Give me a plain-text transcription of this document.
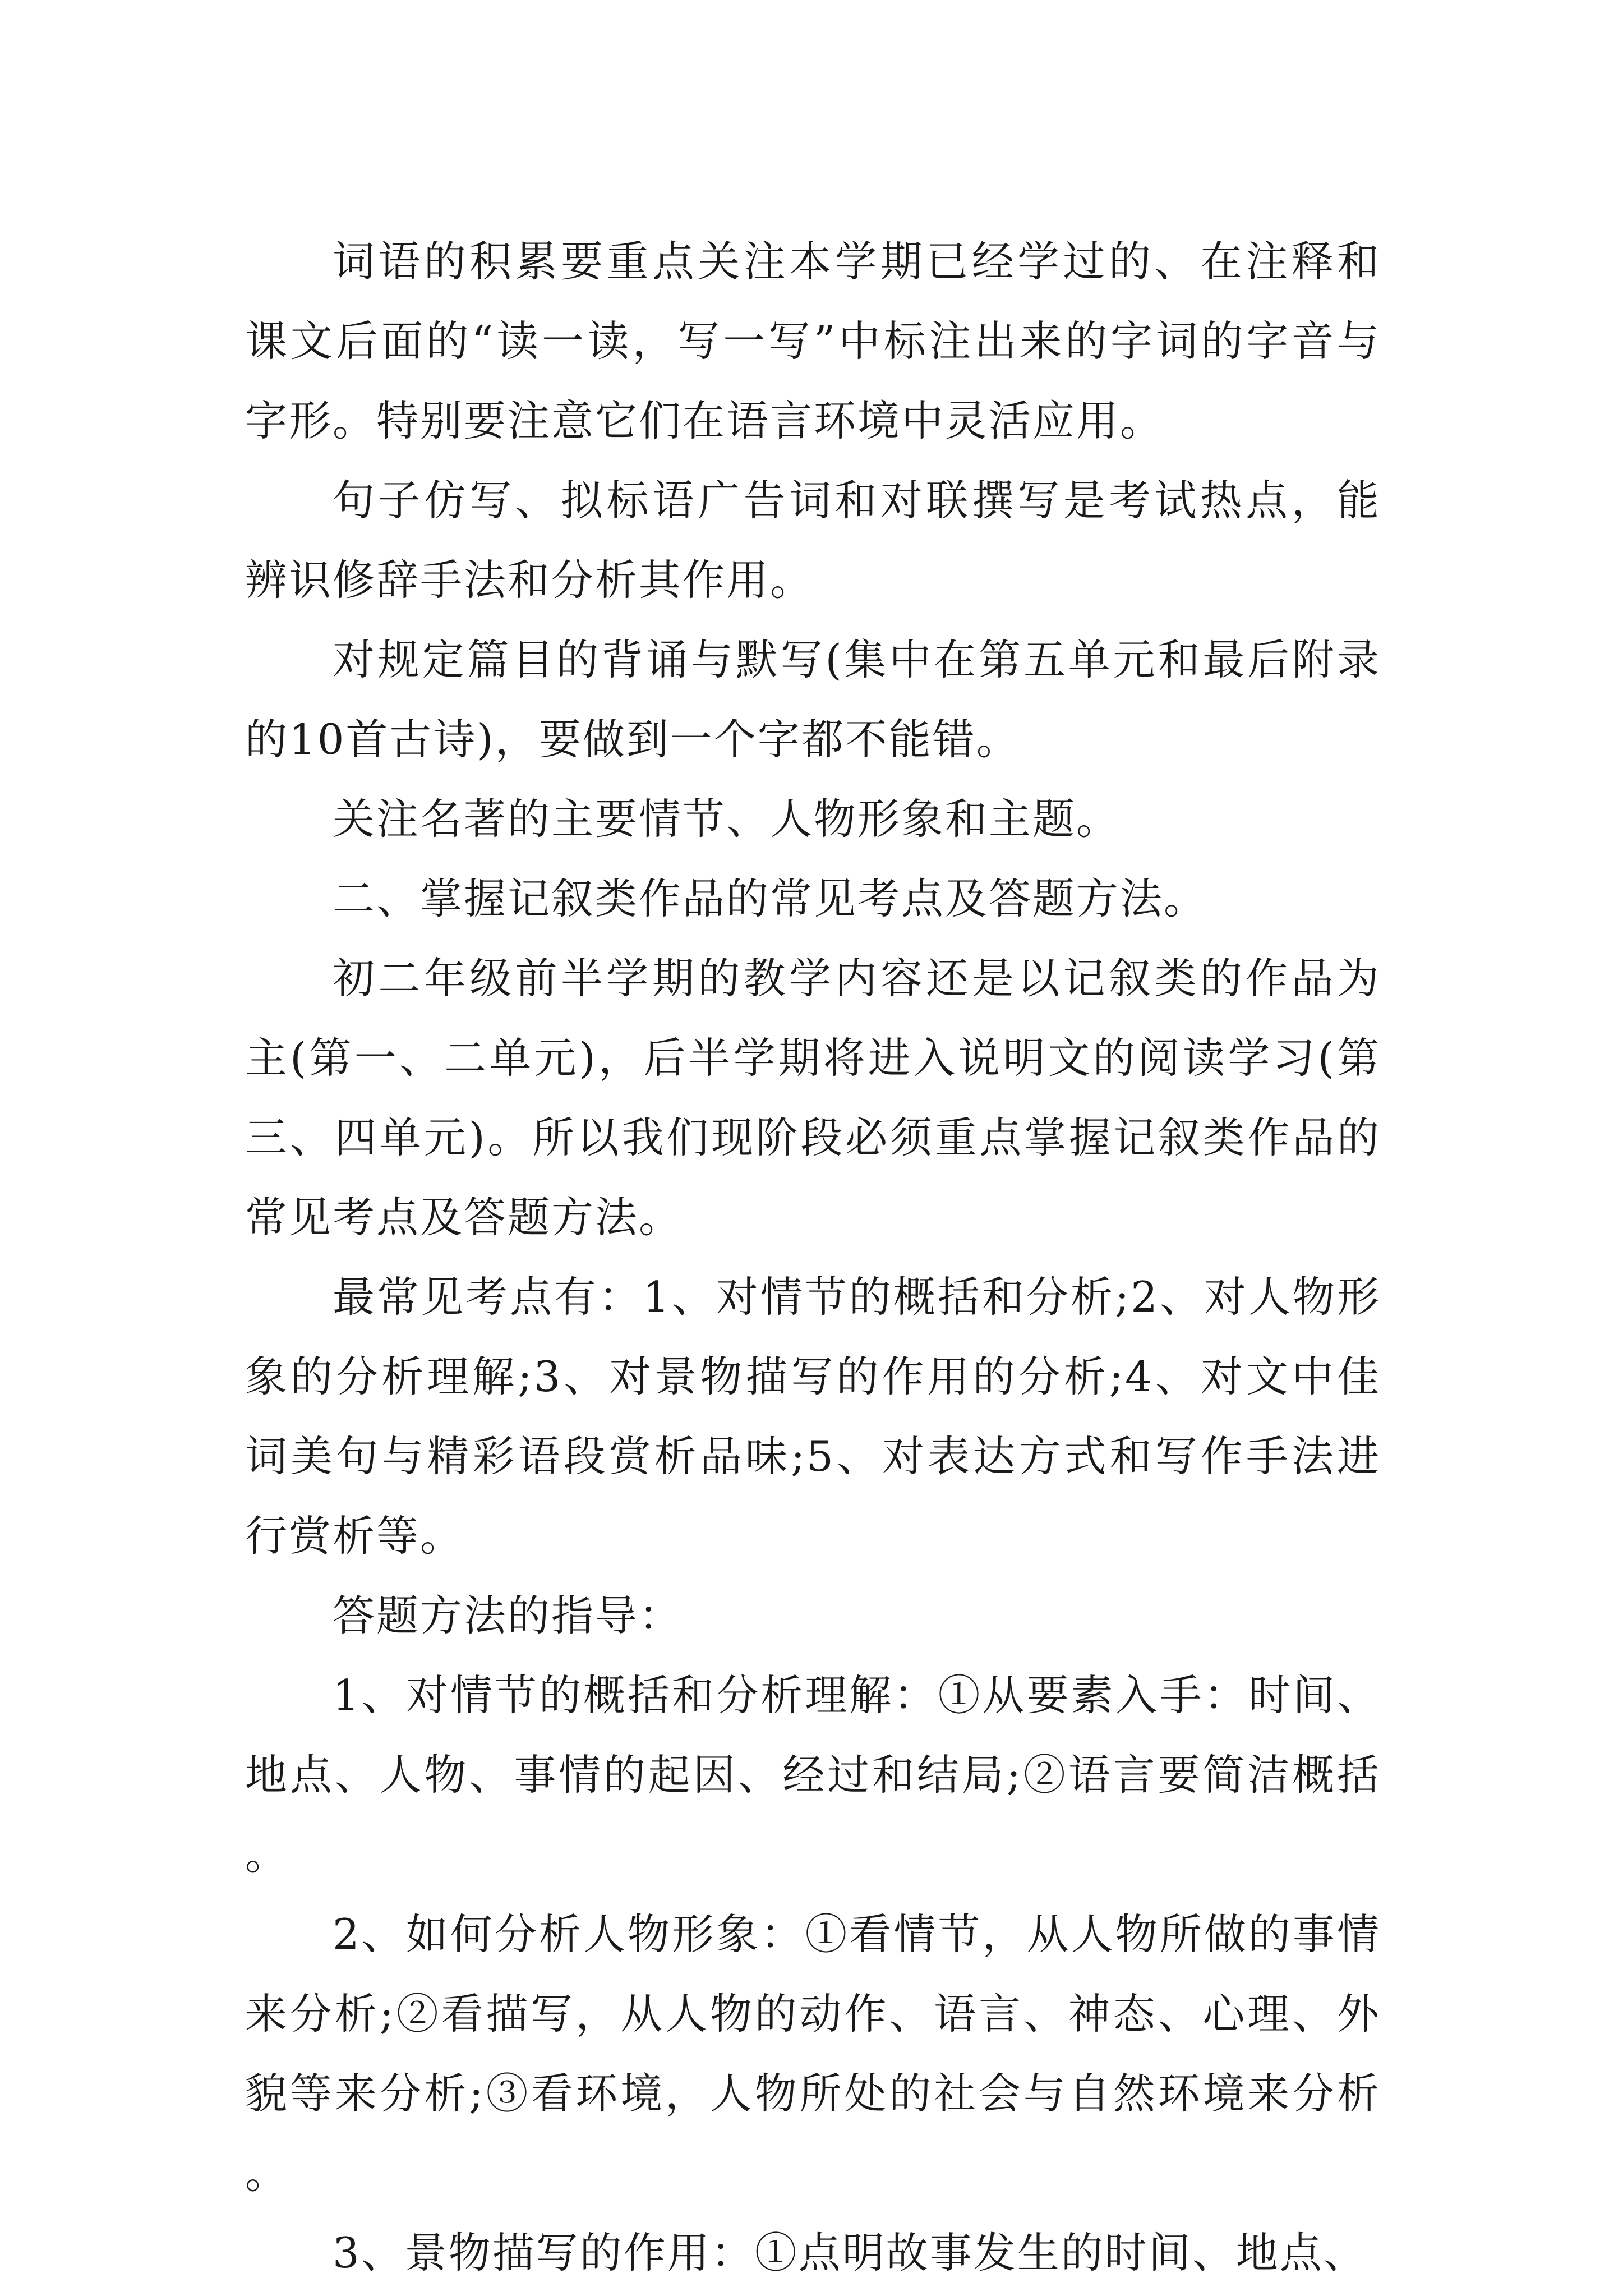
词语的积累要重点关注本学期已经学过的、在注释和课文后面的“读一读，写一写”中标注出来的字词的字音与字形。特别要注意它们在语言环境中灵活应用。

句子仿写、拟标语广告词和对联撰写是考试热点，能辨识修辞手法和分析其作用。

对规定篇目的背诵与默写(集中在第五单元和最后附录的10首古诗)，要做到一个字都不能错。

关注名著的主要情节、人物形象和主题。

二、掌握记叙类作品的常见考点及答题方法。

初二年级前半学期的教学内容还是以记叙类的作品为主(第一、二单元)，后半学期将进入说明文的阅读学习(第三、四单元)。所以我们现阶段必须重点掌握记叙类作品的常见考点及答题方法。

最常见考点有：1、对情节的概括和分析;2、对人物形象的分析理解;3、对景物描写的作用的分析;4、对文中佳词美句与精彩语段赏析品味;5、对表达方式和写作手法进行赏析等。

答题方法的指导：

1、对情节的概括和分析理解：①从要素入手：时间、地点、人物、事情的起因、经过和结局;②语言要简洁概括。

2、如何分析人物形象：①看情节，从人物所做的事情来分析;②看描写，从人物的动作、语言、神态、心理、外貌等来分析;③看环境，人物所处的社会与自然环境来分析。

3、景物描写的作用：①点明故事发生的时间、地点、
